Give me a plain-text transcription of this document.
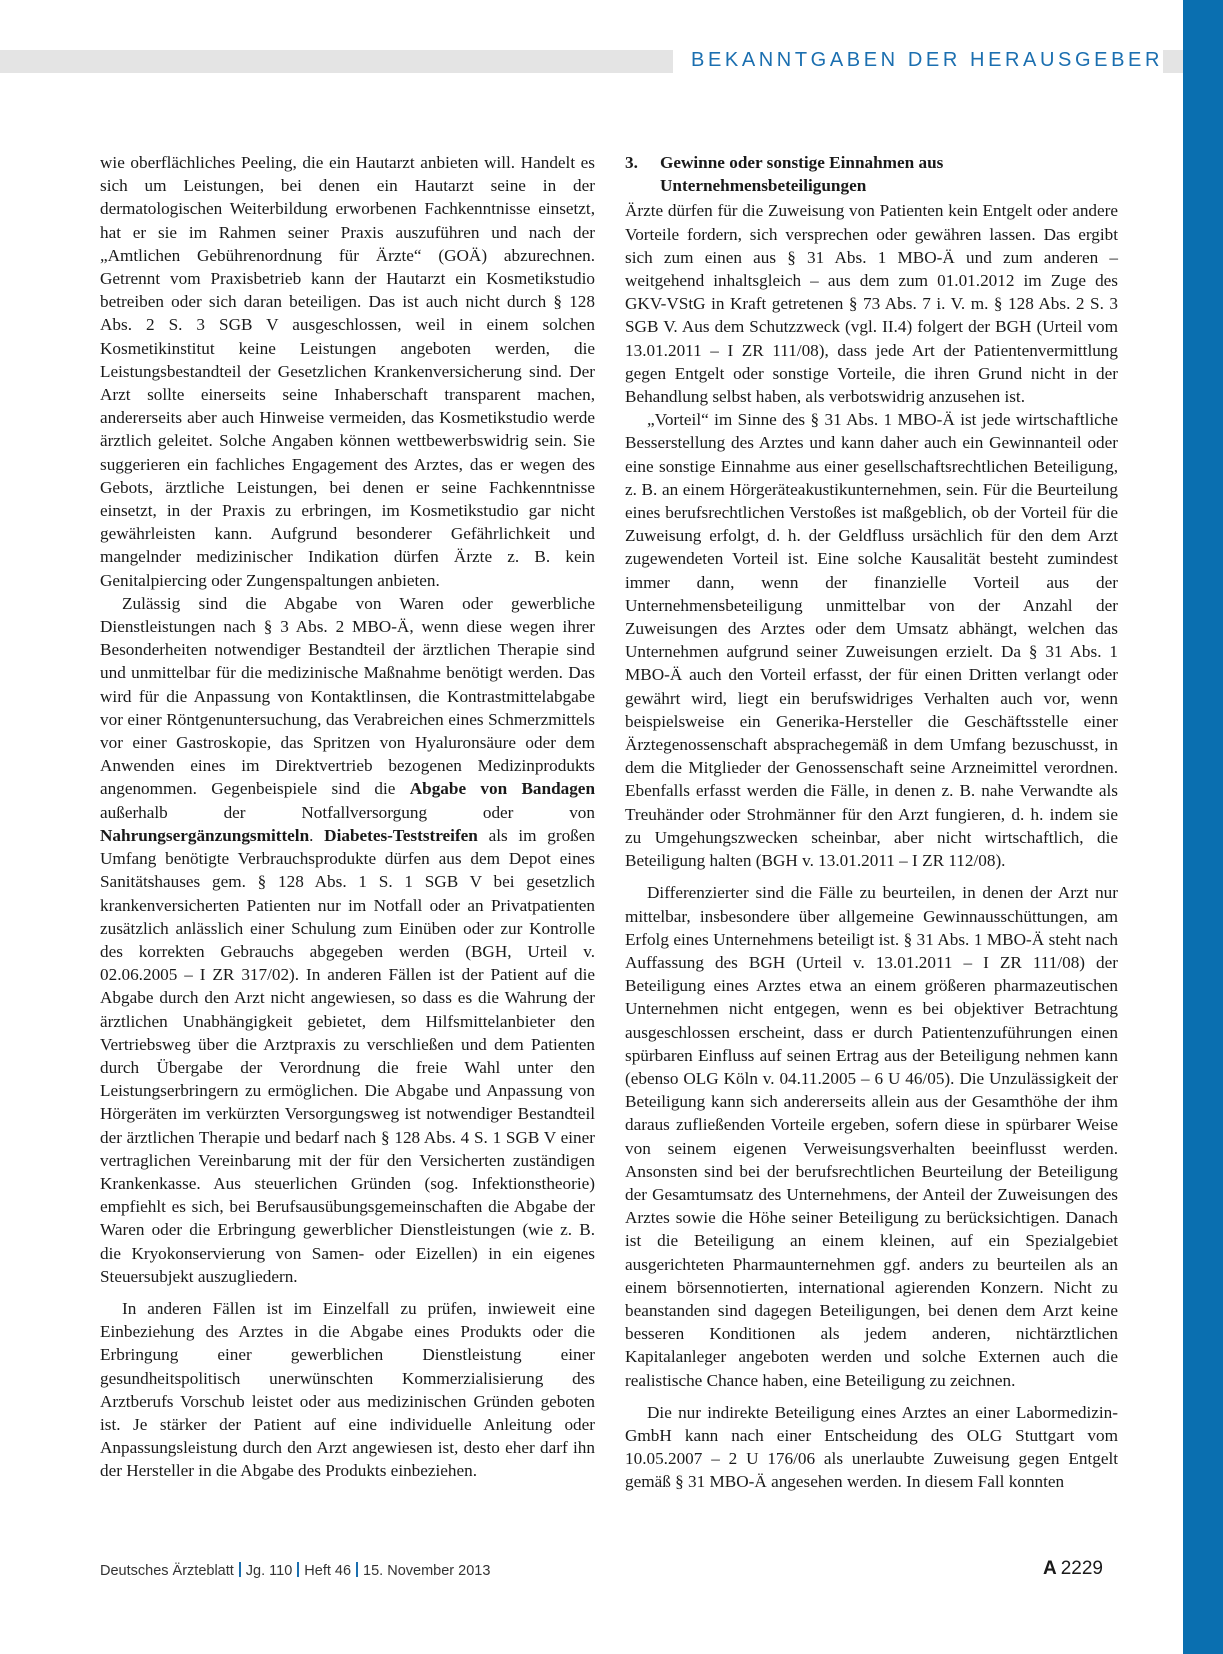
BEKANNTGABEN DER HERAUSGEBER

wie oberflächliches Peeling, die ein Hautarzt anbieten will. Handelt es sich um Leistungen, bei denen ein Hautarzt seine in der dermatologischen Weiterbildung erworbenen Fachkenntnisse einsetzt, hat er sie im Rahmen seiner Praxis auszuführen und nach der „Amtlichen Gebührenordnung für Ärzte“ (GOÄ) abzurechnen. Getrennt vom Praxisbetrieb kann der Hautarzt ein Kosmetikstudio betreiben oder sich daran beteiligen. Das ist auch nicht durch § 128 Abs. 2 S. 3 SGB V ausgeschlossen, weil in einem solchen Kosmetikinstitut keine Leistungen angeboten werden, die Leistungsbestandteil der Gesetzlichen Krankenversicherung sind. Der Arzt sollte einerseits seine Inhaberschaft transparent machen, andererseits aber auch Hinweise vermeiden, das Kosmetikstudio werde ärztlich geleitet. Solche Angaben können wettbewerbswidrig sein. Sie suggerieren ein fachliches Engagement des Arztes, das er wegen des Gebots, ärztliche Leistungen, bei denen er seine Fachkenntnisse einsetzt, in der Praxis zu erbringen, im Kosmetikstudio gar nicht gewährleisten kann. Aufgrund besonderer Gefährlichkeit und mangelnder medizinischer Indikation dürfen Ärzte z. B. kein Genitalpiercing oder Zungenspaltungen anbieten.

Zulässig sind die Abgabe von Waren oder gewerbliche Dienstleistungen nach § 3 Abs. 2 MBO-Ä, wenn diese wegen ihrer Besonderheiten notwendiger Bestandteil der ärztlichen Therapie sind und unmittelbar für die medizinische Maßnahme benötigt werden. Das wird für die Anpassung von Kontaktlinsen, die Kontrastmittelabgabe vor einer Röntgenuntersuchung, das Verabreichen eines Schmerzmittels vor einer Gastroskopie, das Spritzen von Hyaluronsäure oder dem Anwenden eines im Direktvertrieb bezogenen Medizinprodukts angenommen. Gegenbeispiele sind die Abgabe von Bandagen außerhalb der Notfallversorgung oder von Nahrungsergänzungsmitteln. Diabetes-Teststreifen als im großen Umfang benötigte Verbrauchsprodukte dürfen aus dem Depot eines Sanitätshauses gem. § 128 Abs. 1 S. 1 SGB V bei gesetzlich krankenversicherten Patienten nur im Notfall oder an Privatpatienten zusätzlich anlässlich einer Schulung zum Einüben oder zur Kontrolle des korrekten Gebrauchs abgegeben werden (BGH, Urteil v. 02.06.2005 – I ZR 317/02). In anderen Fällen ist der Patient auf die Abgabe durch den Arzt nicht angewiesen, so dass es die Wahrung der ärztlichen Unabhängigkeit gebietet, dem Hilfsmittelanbieter den Vertriebsweg über die Arztpraxis zu verschließen und dem Patienten durch Übergabe der Verordnung die freie Wahl unter den Leistungserbringern zu ermöglichen. Die Abgabe und Anpassung von Hörgeräten im verkürzten Versorgungsweg ist notwendiger Bestandteil der ärztlichen Therapie und bedarf nach § 128 Abs. 4 S. 1 SGB V einer vertraglichen Vereinbarung mit der für den Versicherten zuständigen Krankenkasse. Aus steuerlichen Gründen (sog. Infektionstheorie) empfiehlt es sich, bei Berufsausübungsgemeinschaften die Abgabe der Waren oder die Erbringung gewerblicher Dienstleistungen (wie z. B. die Kryokonservierung von Samen- oder Eizellen) in ein eigenes Steuersubjekt auszugliedern.

In anderen Fällen ist im Einzelfall zu prüfen, inwieweit eine Einbeziehung des Arztes in die Abgabe eines Produkts oder die Erbringung einer gewerblichen Dienstleistung einer gesundheitspolitisch unerwünschten Kommerzialisierung des Arztberufs Vorschub leistet oder aus medizinischen Gründen geboten ist. Je stärker der Patient auf eine individuelle Anleitung oder Anpassungsleistung durch den Arzt angewiesen ist, desto eher darf ihn der Hersteller in die Abgabe des Produkts einbeziehen.

3.	Gewinne oder sonstige Einnahmen aus Unternehmensbeteiligungen

Ärzte dürfen für die Zuweisung von Patienten kein Entgelt oder andere Vorteile fordern, sich versprechen oder gewähren lassen. Das ergibt sich zum einen aus § 31 Abs. 1 MBO-Ä und zum anderen – weitgehend inhaltsgleich – aus dem zum 01.01.2012 im Zuge des GKV-VStG in Kraft getretenen § 73 Abs. 7 i. V. m. § 128 Abs. 2 S. 3 SGB V. Aus dem Schutzzweck (vgl. II.4) folgert der BGH (Urteil vom 13.01.2011 – I ZR 111/08), dass jede Art der Patientenvermittlung gegen Entgelt oder sonstige Vorteile, die ihren Grund nicht in der Behandlung selbst haben, als verbotswidrig anzusehen ist.

„Vorteil“ im Sinne des § 31 Abs. 1 MBO-Ä ist jede wirtschaftliche Besserstellung des Arztes und kann daher auch ein Gewinnanteil oder eine sonstige Einnahme aus einer gesellschaftsrechtlichen Beteiligung, z. B. an einem Hörgeräteakustikunternehmen, sein. Für die Beurteilung eines berufsrechtlichen Verstoßes ist maßgeblich, ob der Vorteil für die Zuweisung erfolgt, d. h. der Geldfluss ursächlich für den dem Arzt zugewendeten Vorteil ist. Eine solche Kausalität besteht zumindest immer dann, wenn der finanzielle Vorteil aus der Unternehmensbeteiligung unmittelbar von der Anzahl der Zuweisungen des Arztes oder dem Umsatz abhängt, welchen das Unternehmen aufgrund seiner Zuweisungen erzielt. Da § 31 Abs. 1 MBO-Ä auch den Vorteil erfasst, der für einen Dritten verlangt oder gewährt wird, liegt ein berufswidriges Verhalten auch vor, wenn beispielsweise ein Generika-Hersteller die Geschäftsstelle einer Ärztegenossenschaft absprachegemäß in dem Umfang bezuschusst, in dem die Mitglieder der Genossenschaft seine Arzneimittel verordnen. Ebenfalls erfasst werden die Fälle, in denen z. B. nahe Verwandte als Treuhänder oder Strohmänner für den Arzt fungieren, d. h. indem sie zu Umgehungszwecken scheinbar, aber nicht wirtschaftlich, die Beteiligung halten (BGH v. 13.01.2011 – I ZR 112/08).

Differenzierter sind die Fälle zu beurteilen, in denen der Arzt nur mittelbar, insbesondere über allgemeine Gewinnausschüttungen, am Erfolg eines Unternehmens beteiligt ist. § 31 Abs. 1 MBO-Ä steht nach Auffassung des BGH (Urteil v. 13.01.2011 – I ZR 111/08) der Beteiligung eines Arztes etwa an einem größeren pharmazeutischen Unternehmen nicht entgegen, wenn es bei objektiver Betrachtung ausgeschlossen erscheint, dass er durch Patientenzuführungen einen spürbaren Einfluss auf seinen Ertrag aus der Beteiligung nehmen kann (ebenso OLG Köln v. 04.11.2005 – 6 U 46/05). Die Unzulässigkeit der Beteiligung kann sich andererseits allein aus der Gesamthöhe der ihm daraus zufließenden Vorteile ergeben, sofern diese in spürbarer Weise von seinem eigenen Verweisungsverhalten beeinflusst werden. Ansonsten sind bei der berufsrechtlichen Beurteilung der Beteiligung der Gesamtumsatz des Unternehmens, der Anteil der Zuweisungen des Arztes sowie die Höhe seiner Beteiligung zu berücksichtigen. Danach ist die Beteiligung an einem kleinen, auf ein Spezialgebiet ausgerichteten Pharmaunternehmen ggf. anders zu beurteilen als an einem börsennotierten, international agierenden Konzern. Nicht zu beanstanden sind dagegen Beteiligungen, bei denen dem Arzt keine besseren Konditionen als jedem anderen, nichtärztlichen Kapitalanleger angeboten werden und solche Externen auch die realistische Chance haben, eine Beteiligung zu zeichnen.

Die nur indirekte Beteiligung eines Arztes an einer Labormedizin-GmbH kann nach einer Entscheidung des OLG Stuttgart vom 10.05.2007 – 2 U 176/06 als unerlaubte Zuweisung gegen Entgelt gemäß § 31 MBO-Ä angesehen werden. In diesem Fall konnten

Deutsches Ärzteblatt Jg. 110 Heft 46 15. November 2013	A 2229
